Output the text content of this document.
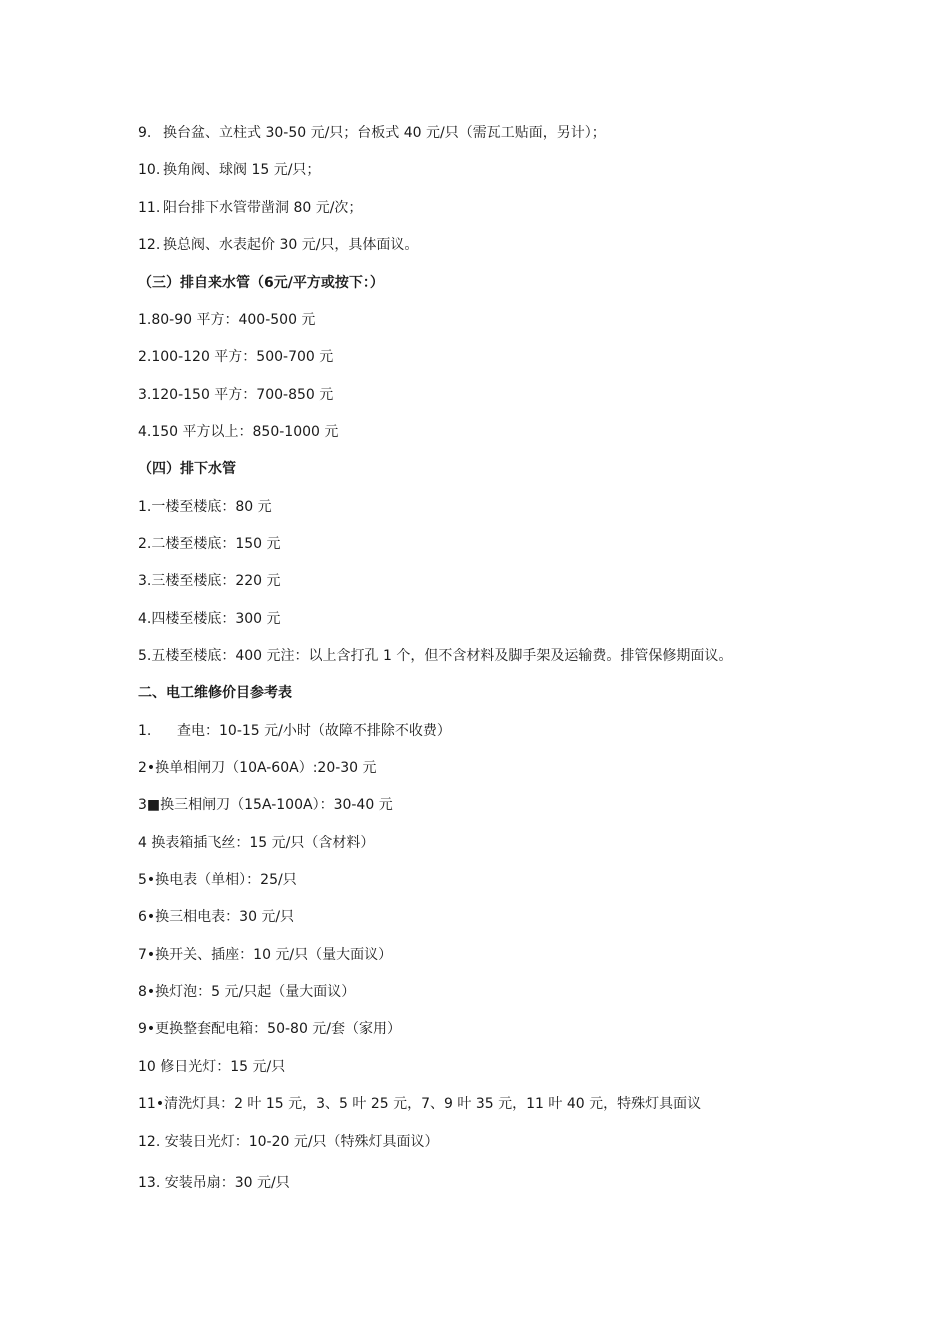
9. 换台盆、立柱式 30-50 元/只；台板式 40 元/只（需瓦工贴面，另计）；
10. 换角阀、球阀 15 元/只；
11. 阳台排下水管带凿洞 80 元/次；
12. 换总阀、水表起价 30 元/只，具体面议。
（三）排自来水管（6元/平方或按下：）
1.80-90 平方：400-500 元
2.100-120 平方：500-700 元
3.120-150 平方：700-850 元
4.150 平方以上：850-1000 元
（四）排下水管
1.一楼至楼底：80 元
2.二楼至楼底：150 元
3.三楼至楼底：220 元
4.四楼至楼底：300 元
5.五楼至楼底：400 元注：以上含打孔 1 个，但不含材料及脚手架及运输费。排管保修期面议。
二、电工维修价目参考表
1. 查电：10-15 元/小时（故障不排除不收费）
2•换单相闸刀（10A-60A）:20-30 元
3■换三相闸刀（15A-100A）：30-40 元
4 换表箱插飞丝：15 元/只（含材料）
5•换电表（单相）：25/只
6•换三相电表：30 元/只
7•换开关、插座：10 元/只（量大面议）
8•换灯泡：5 元/只起（量大面议）
9•更换整套配电箱：50-80 元/套（家用）
10 修日光灯：15 元/只
11•清洗灯具：2 叶 15 元，3、5 叶 25 元，7、9 叶 35 元，11 叶 40 元，特殊灯具面议
12. 安装日光灯：10-20 元/只（特殊灯具面议）
13. 安装吊扇：30 元/只
